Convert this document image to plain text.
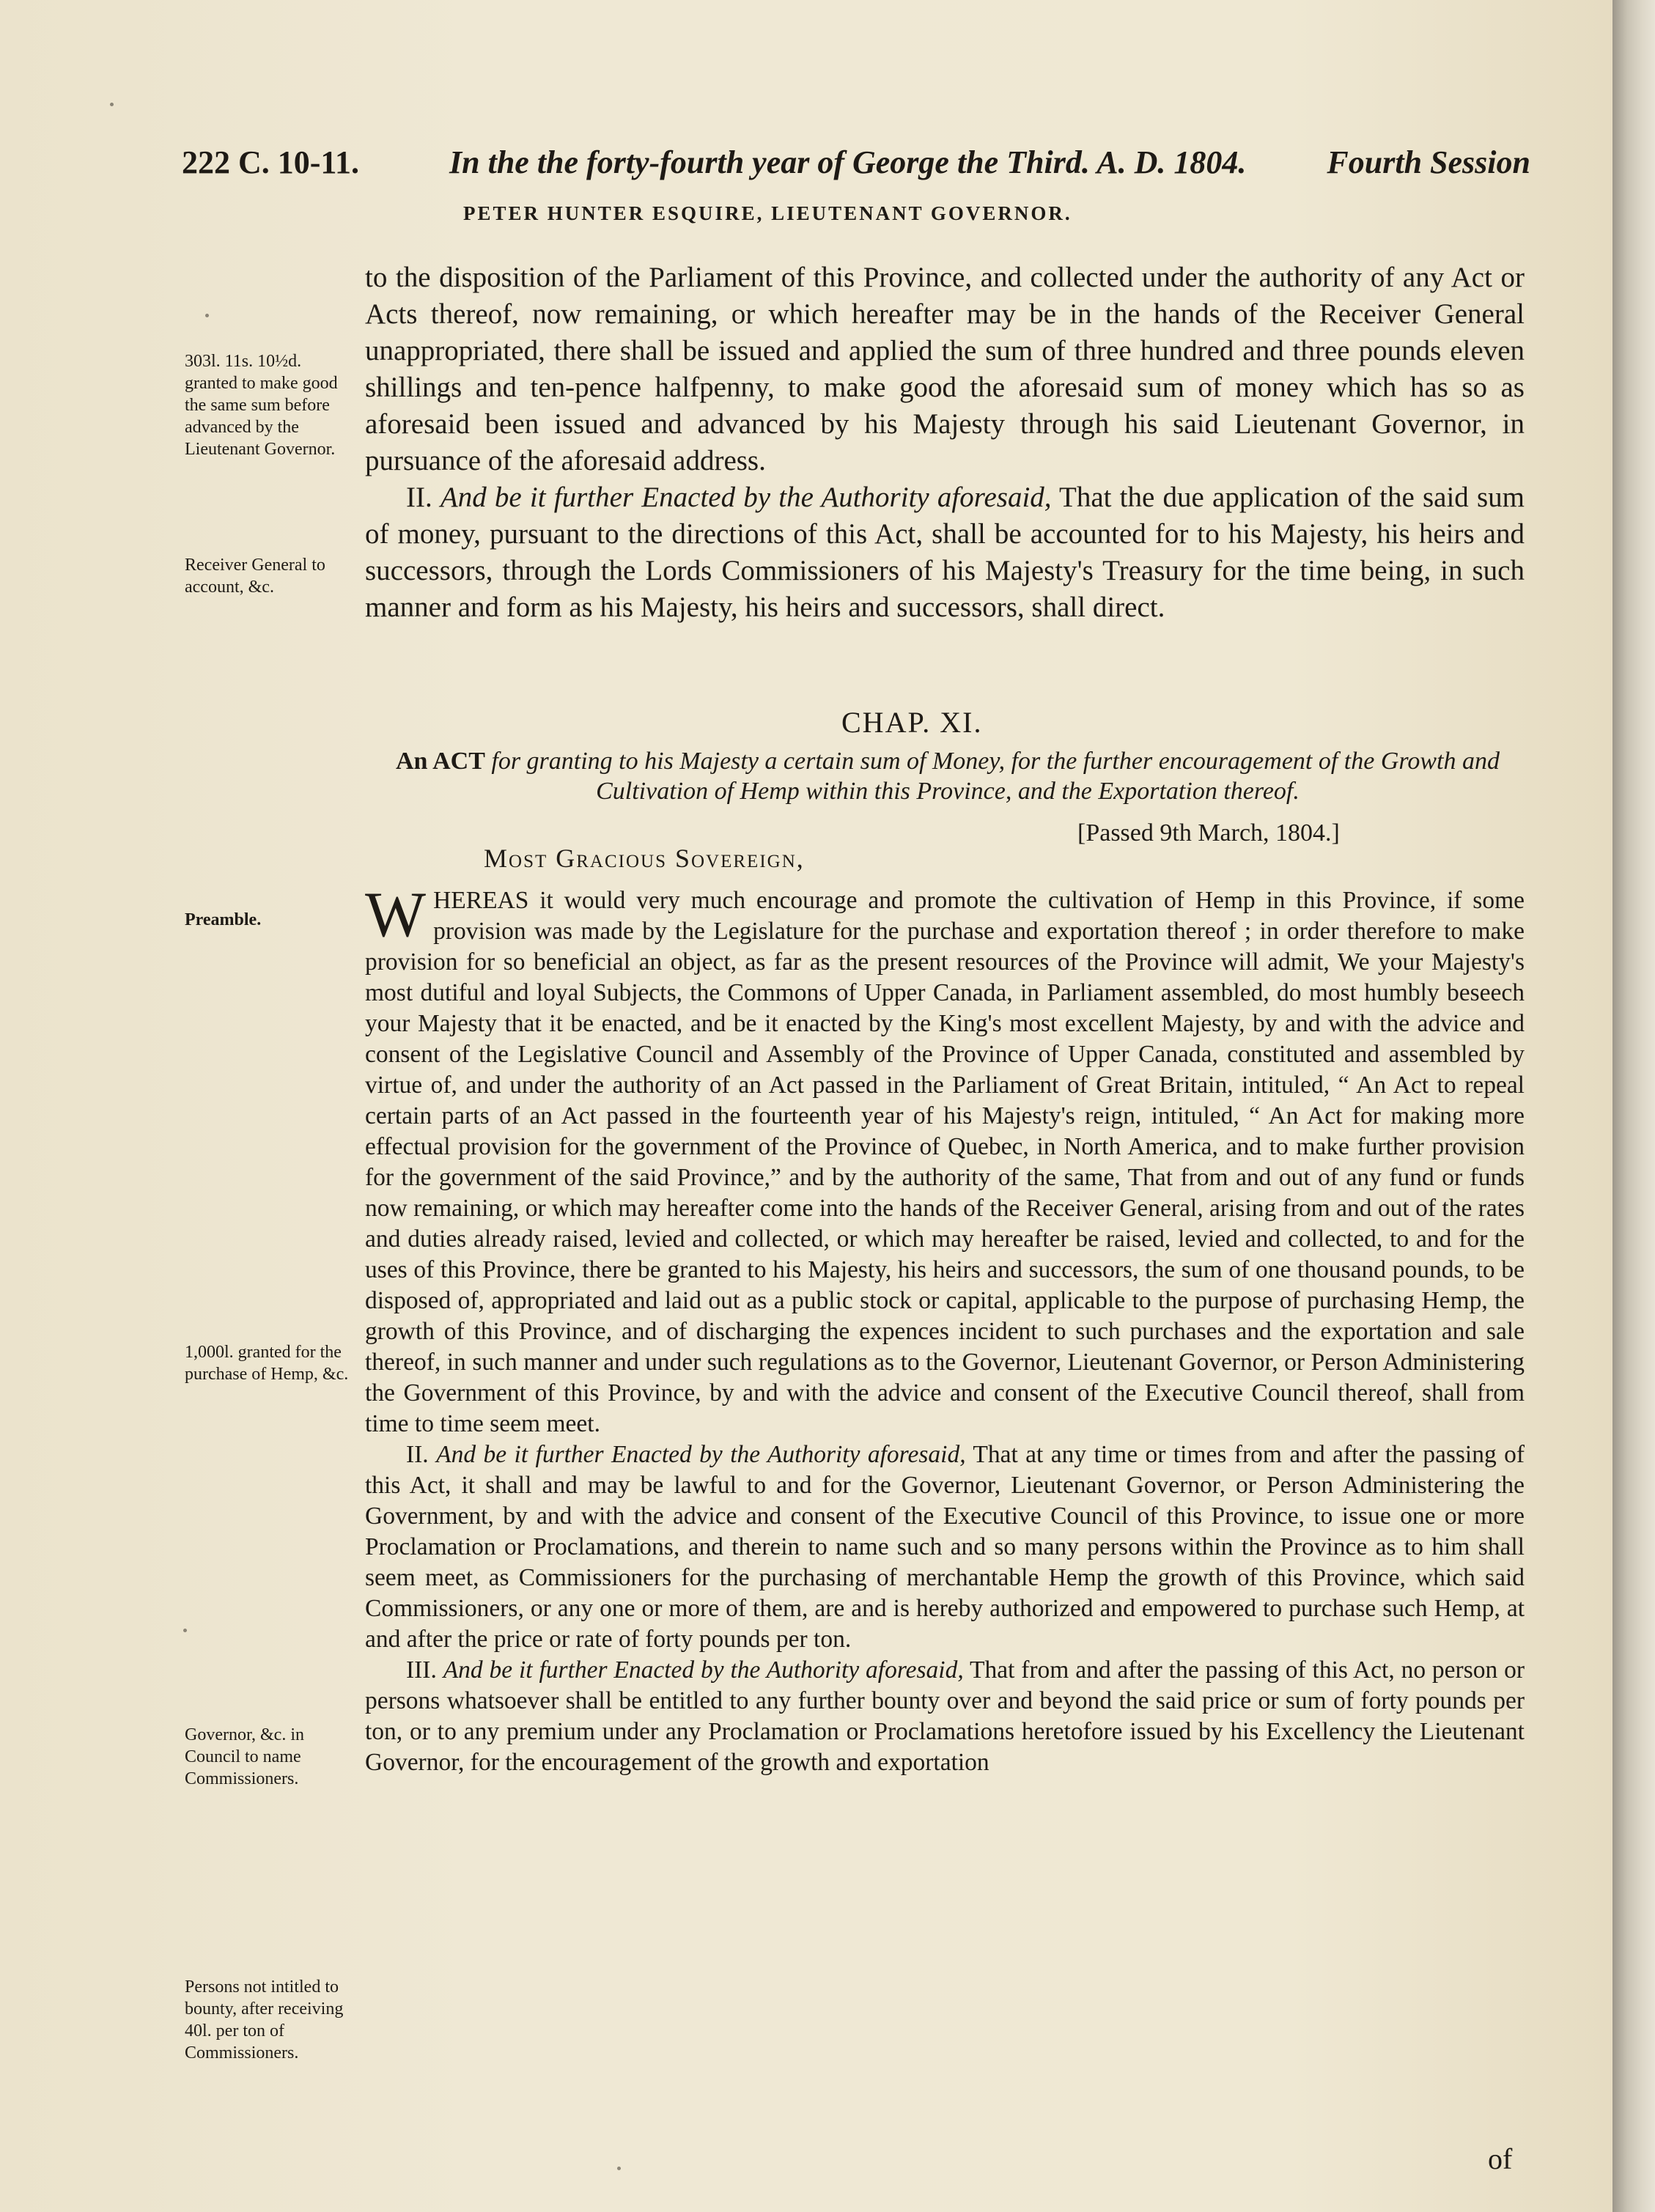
222 C. 10-11.	In the the forty-fourth year of George the Third. A. D. 1804.	Fourth Session
PETER HUNTER ESQUIRE, LIEUTENANT GOVERNOR.

to the disposition of the Parliament of this Province, and collected under the authority of any Act or Acts thereof, now remaining, or which hereafter may be in the hands of the Receiver General unappropriated, there shall be issued and applied the sum of three hundred and three pounds eleven shillings and ten-pence halfpenny, to make good the aforesaid sum of money which has so as aforesaid been issued and advanced by his Majesty through his said Lieutenant Governor, in pursuance of the aforesaid address.

II. And be it further Enacted by the Authority aforesaid, That the due application of the said sum of money, pursuant to the directions of this Act, shall be accounted for to his Majesty, his heirs and successors, through the Lords Commissioners of his Majesty's Treasury for the time being, in such manner and form as his Majesty, his heirs and successors, shall direct.

CHAP. XI.
An ACT for granting to his Majesty a certain sum of Money, for the further encouragement of the Growth and Cultivation of Hemp within this Province, and the Exportation thereof.
[Passed 9th March, 1804.]
Most Gracious Sovereign,

WHEREAS it would very much encourage and promote the cultivation of Hemp in this Province, if some provision was made by the Legislature for the purchase and exportation thereof ; in order therefore to make provision for so beneficial an object, as far as the present resources of the Province will admit, We your Majesty's most dutiful and loyal Subjects, the Commons of Upper Canada, in Parliament assembled, do most humbly beseech your Majesty that it be enacted, and be it enacted by the King's most excellent Majesty, by and with the advice and consent of the Legislative Council and Assembly of the Province of Upper Canada, constituted and assembled by virtue of, and under the authority of an Act passed in the Parliament of Great Britain, intituled, “ An Act to repeal certain parts of an Act passed in the fourteenth year of his Majesty's reign, intituled, “ An Act for making more effectual provision for the government of the Province of Quebec, in North America, and to make further provision for the government of the said Province,” and by the authority of the same, That from and out of any fund or funds now remaining, or which may hereafter come into the hands of the Receiver General, arising from and out of the rates and duties already raised, levied and collected, or which may hereafter be raised, levied and collected, to and for the uses of this Province, there be granted to his Majesty, his heirs and successors, the sum of one thousand pounds, to be disposed of, appropriated and laid out as a public stock or capital, applicable to the purpose of purchasing Hemp, the growth of this Province, and of discharging the expences incident to such purchases and the exportation and sale thereof, in such manner and under such regulations as to the Governor, Lieutenant Governor, or Person Administering the Government of this Province, by and with the advice and consent of the Executive Council thereof, shall from time to time seem meet.

II. And be it further Enacted by the Authority aforesaid, That at any time or times from and after the passing of this Act, it shall and may be lawful to and for the Governor, Lieutenant Governor, or Person Administering the Government, by and with the advice and consent of the Executive Council of this Province, to issue one or more Proclamation or Proclamations, and therein to name such and so many persons within the Province as to him shall seem meet, as Commissioners for the purchasing of merchantable Hemp the growth of this Province, which said Commissioners, or any one or more of them, are and is hereby authorized and empowered to purchase such Hemp, at and after the price or rate of forty pounds per ton.

III. And be it further Enacted by the Authority aforesaid, That from and after the passing of this Act, no person or persons whatsoever shall be entitled to any further bounty over and beyond the said price or sum of forty pounds per ton, or to any premium under any Proclamation or Proclamations heretofore issued by his Excellency the Lieutenant Governor, for the encouragement of the growth and exportation

303l. 11s. 10½d. granted to make good the same sum before advanced by the Lieutenant Governor.
Receiver General to account, &c.
Preamble.
1,000l. granted for the purchase of Hemp, &c.
Governor, &c. in Council to name Commissioners.
Persons not intitled to bounty, after receiving 40l. per ton of Commissioners.
of
